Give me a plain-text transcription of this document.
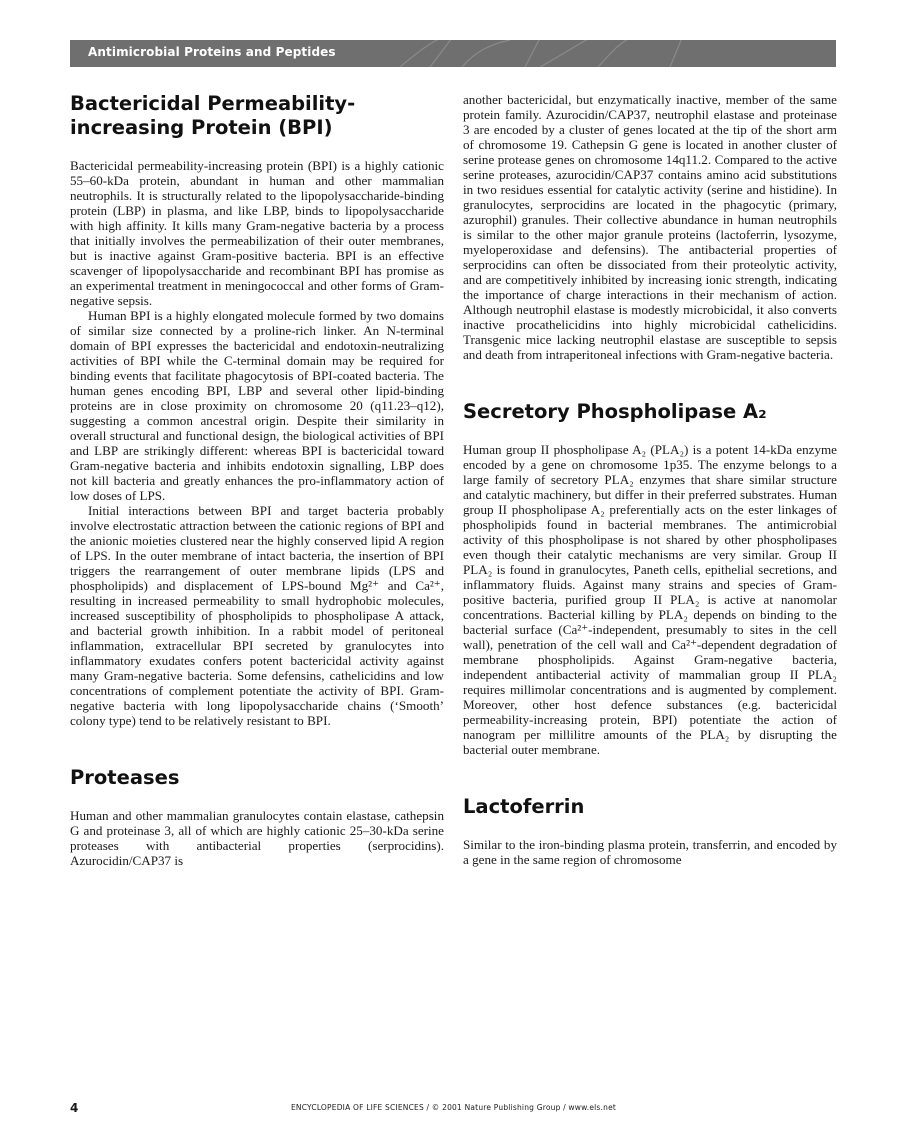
Antimicrobial Proteins and Peptides
Bactericidal Permeability-increasing Protein (BPI)

Bactericidal permeability-increasing protein (BPI) is a highly cationic 55–60-kDa protein, abundant in human and other mammalian neutrophils. It is structurally related to the lipopolysaccharide-binding protein (LBP) in plasma, and like LBP, binds to lipopolysaccharide with high affinity. It kills many Gram-negative bacteria by a process that initially involves the permeabilization of their outer membranes, but is inactive against Gram-positive bacteria. BPI is an effective scavenger of lipopolysaccharide and recombinant BPI has promise as an experimental treatment in meningococcal and other forms of Gram-negative sepsis.

Human BPI is a highly elongated molecule formed by two domains of similar size connected by a proline-rich linker. An N-terminal domain of BPI expresses the bactericidal and endotoxin-neutralizing activities of BPI while the C-terminal domain may be required for binding events that facilitate phagocytosis of BPI-coated bacteria. The human genes encoding BPI, LBP and several other lipid-binding proteins are in close proximity on chromosome 20 (q11.23–q12), suggesting a common ancestral origin. Despite their similarity in overall structural and functional design, the biological activities of BPI and LBP are strikingly different: whereas BPI is bactericidal toward Gram-negative bacteria and inhibits endotoxin signalling, LBP does not kill bacteria and greatly enhances the pro-inflammatory action of low doses of LPS.

Initial interactions between BPI and target bacteria probably involve electrostatic attraction between the cationic regions of BPI and the anionic moieties clustered near the highly conserved lipid A region of LPS. In the outer membrane of intact bacteria, the insertion of BPI triggers the rearrangement of outer membrane lipids (LPS and phospholipids) and displacement of LPS-bound Mg²⁺ and Ca²⁺, resulting in increased permeability to small hydrophobic molecules, increased susceptibility of phospholipids to phospholipase A attack, and bacterial growth inhibition. In a rabbit model of peritoneal inflammation, extracellular BPI secreted by granulocytes into inflammatory exudates confers potent bactericidal activity against many Gram-negative bacteria. Some defensins, cathelicidins and low concentrations of complement potentiate the activity of BPI. Gram-negative bacteria with long lipopolysaccharide chains (‘Smooth’ colony type) tend to be relatively resistant to BPI.

Proteases

Human and other mammalian granulocytes contain elastase, cathepsin G and proteinase 3, all of which are highly cationic 25–30-kDa serine proteases with antibacterial properties (serprocidins). Azurocidin/CAP37 is

another bactericidal, but enzymatically inactive, member of the same protein family. Azurocidin/CAP37, neutrophil elastase and proteinase 3 are encoded by a cluster of genes located at the tip of the short arm of chromosome 19. Cathepsin G gene is located in another cluster of serine protease genes on chromosome 14q11.2. Compared to the active serine proteases, azurocidin/CAP37 contains amino acid substitutions in two residues essential for catalytic activity (serine and histidine). In granulocytes, serprocidins are located in the phagocytic (primary, azurophil) granules. Their collective abundance in human neutrophils is similar to the other major granule proteins (lactoferrin, lysozyme, myeloperoxidase and defensins). The antibacterial properties of serprocidins can often be dissociated from their proteolytic activity, and are competitively inhibited by increasing ionic strength, indicating the importance of charge interactions in their mechanism of action. Although neutrophil elastase is modestly microbicidal, it also converts inactive procathelicidins into highly microbicidal cathelicidins. Transgenic mice lacking neutrophil elastase are susceptible to sepsis and death from intraperitoneal infections with Gram-negative bacteria.

Secretory Phospholipase A₂

Human group II phospholipase A₂ (PLA₂) is a potent 14-kDa enzyme encoded by a gene on chromosome 1p35. The enzyme belongs to a large family of secretory PLA₂ enzymes that share similar structure and catalytic machinery, but differ in their preferred substrates. Human group II phospholipase A₂ preferentially acts on the ester linkages of phospholipids found in bacterial membranes. The antimicrobial activity of this phospholipase is not shared by other phospholipases even though their catalytic mechanisms are very similar. Group II PLA₂ is found in granulocytes, Paneth cells, epithelial secretions, and inflammatory fluids. Against many strains and species of Gram-positive bacteria, purified group II PLA₂ is active at nanomolar concentrations. Bacterial killing by PLA₂ depends on binding to the bacterial surface (Ca²⁺-independent, presumably to sites in the cell wall), penetration of the cell wall and Ca²⁺-dependent degradation of membrane phospholipids. Against Gram-negative bacteria, independent antibacterial activity of mammalian group II PLA₂ requires millimolar concentrations and is augmented by complement. Moreover, other host defence substances (e.g. bactericidal permeability-increasing protein, BPI) potentiate the action of nanogram per millilitre amounts of the PLA₂ by disrupting the bacterial outer membrane.

Lactoferrin

Similar to the iron-binding plasma protein, transferrin, and encoded by a gene in the same region of chromosome

4	ENCYCLOPEDIA OF LIFE SCIENCES / © 2001 Nature Publishing Group / www.els.net
